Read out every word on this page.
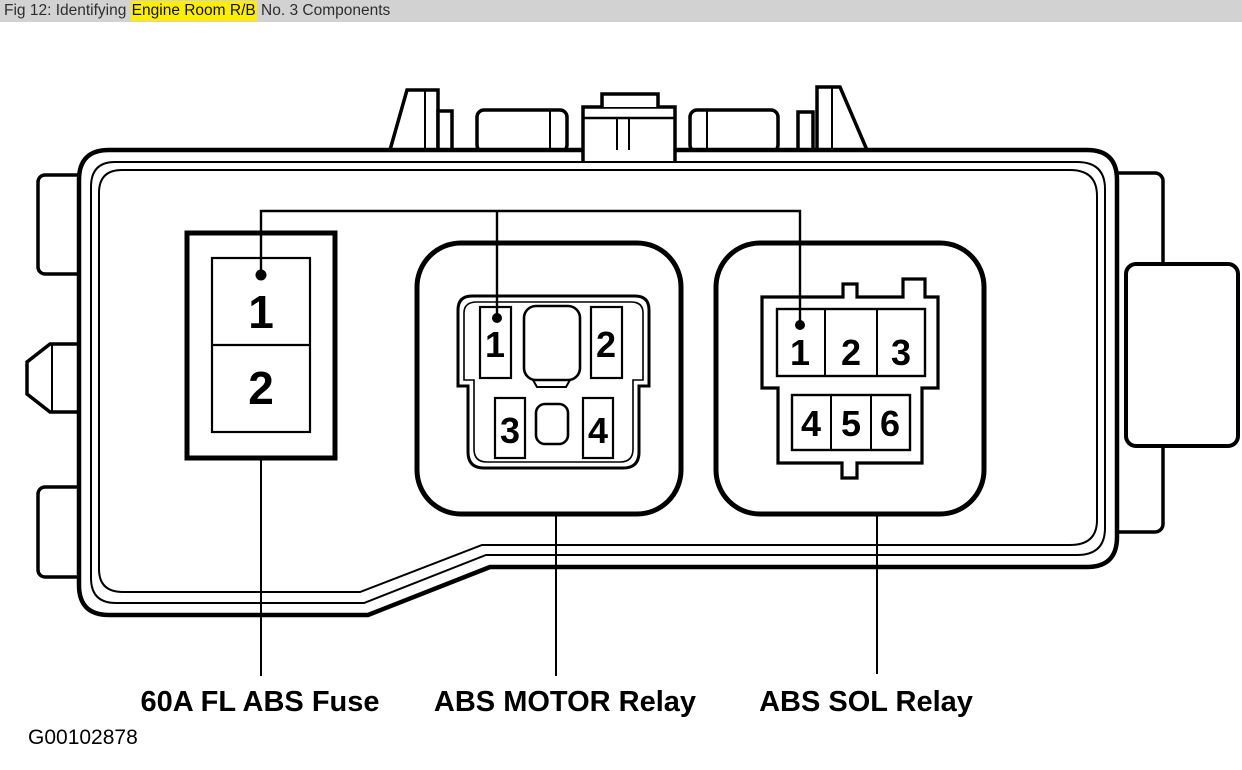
Fig 12: Identifying Engine Room R/B No. 3 Components
1
2
1	2
3 4
1 2 3
4 5 6
60A FL ABS Fuse ABS MOTOR Relay ABS SOL Relay
G00102878
